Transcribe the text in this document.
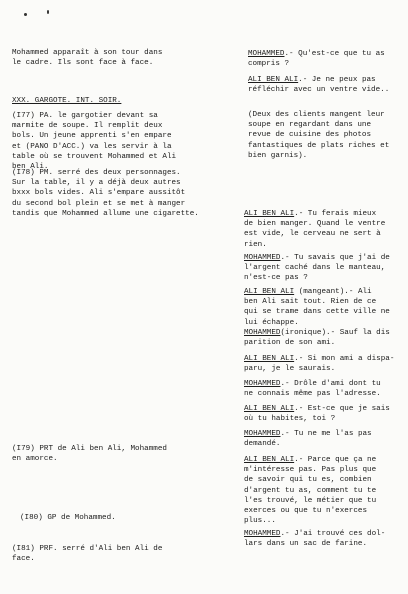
Mohammed apparaît à son tour dans
le cadre. Ils sont face à face.
XXX. GARGOTE. INT. SOIR.
(I77) PA. le gargotier devant sa
marmite de soupe. Il remplit deux
bols. Un jeune apprenti s'en empare
et (PANO D'ACC.) va les servir à la
table où se trouvent Mohammed et Ali
ben Ali.
(I78) PM. serré des deux personnages.
Sur la table, il y a déjà deux autres
bxxx bols vides. Ali s'empare aussitôt
du second bol plein et se met à manger
tandis que Mohammed allume une cigarette.
(I79) PRT de Ali ben Ali, Mohammed
en amorce.
(I80) GP de Mohammed.
(I81) PRF. serré d'Ali ben Ali de
face.
MOHAMMED.- Qu'est-ce que tu as
compris ?
ALI BEN ALI.- Je ne peux pas
réfléchir avec un ventre vide..
(Deux des clients mangent leur
soupe en regardant dans une
revue de cuisine des photos
fantastiques de plats riches et
bien garnis).
ALI BEN ALI.- Tu ferais mieux
de bien manger. Quand le ventre
est vide, le cerveau ne sert à
rien.
MOHAMMED.- Tu savais que j'ai de
l'argent caché dans le manteau,
n'est-ce pas ?
ALI BEN ALI (mangeant).- Ali
ben Ali sait tout. Rien de ce
qui se trame dans cette ville ne
lui échappe.
MOHAMMED(ironique).- Sauf la dis
parition de son ami.
ALI BEN ALI.- Si mon ami a dispa-
paru, je le saurais.
MOHAMMED.- Drôle d'ami dont tu
ne connais même pas l'adresse.
ALI BEN ALI.- Est-ce que je sais
où tu habites, toi ?
MOHAMMED.- Tu ne me l'as pas
demandé.
ALI BEN ALI.- Parce que ça ne
m'intéresse pas. Pas plus que
de savoir qui tu es, combien
d'argent tu as, comment tu te
l'es trouvé, le métier que tu
exerces ou que tu n'exerces
plus...
MOHAMMED.- J'ai trouvé ces dol-
lars dans un sac de farine.
